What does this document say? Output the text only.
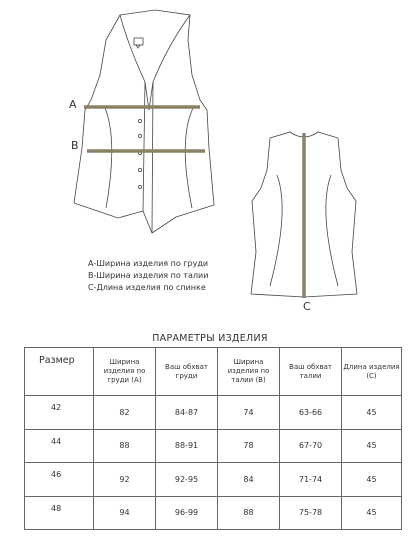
A
B
C
А-Ширина изделия по груди
В-Ширина изделия по талии
С-Длина изделия по спинке
ПАРАМЕТРЫ ИЗДЕЛИЯ
Размер	Ширина изделия по груди (А)	Ваш обхват груди	Ширина изделия по талии (В)	Ваш обхват талии	Длина изделия (С)
42	82	84-87	74	63-66	45
44	88	88-91	78	67-70	45
46	92	92-95	84	71-74	45
48	94	96-99	88	75-78	45
